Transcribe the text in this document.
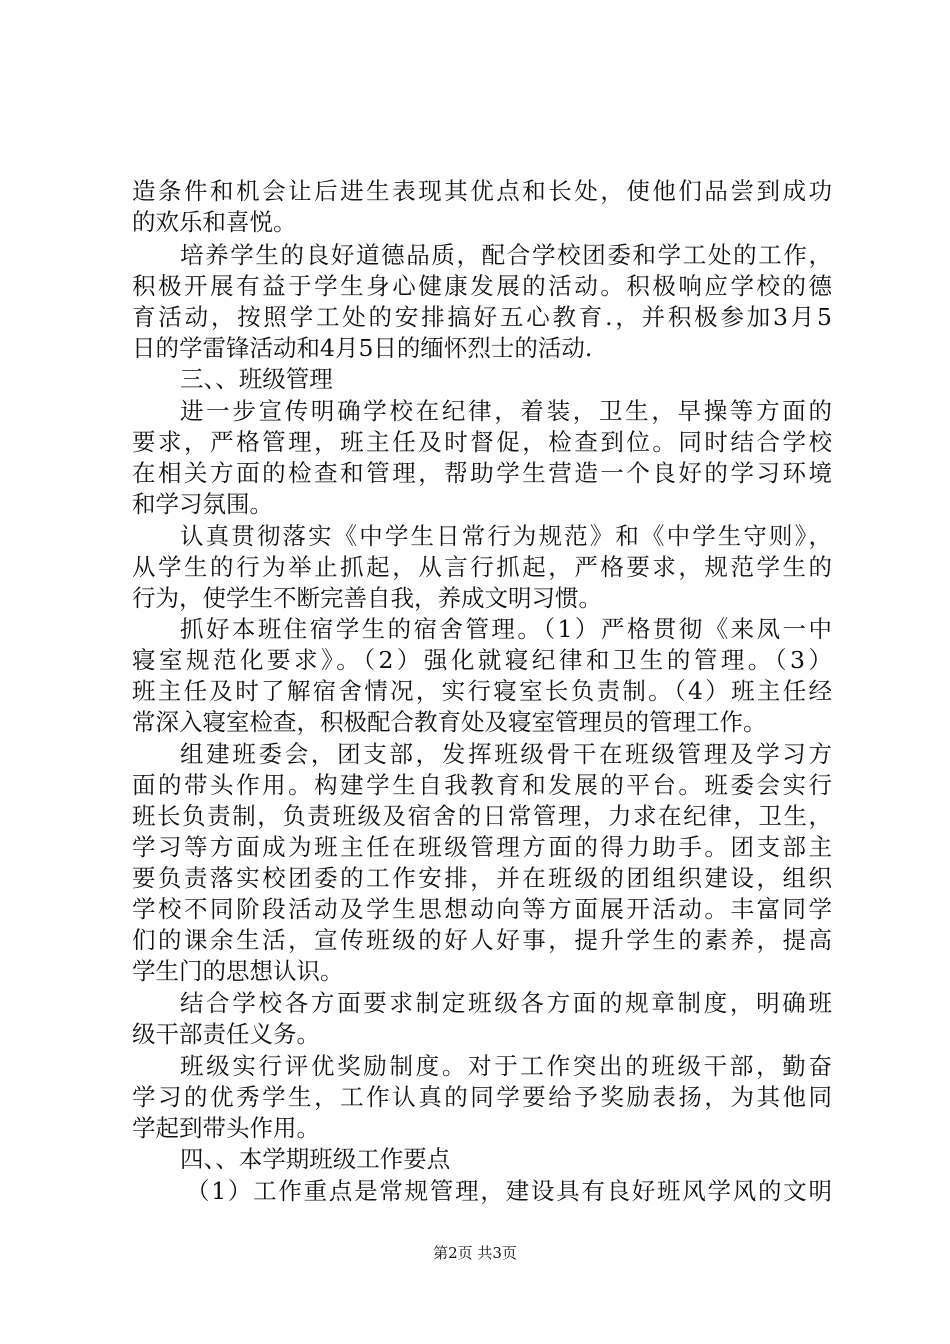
造条件和机会让后进生表现其优点和长处，使他们品尝到成功
的欢乐和喜悦。
培养学生的良好道德品质，配合学校团委和学工处的工作，
积极开展有益于学生身心健康发展的活动。积极响应学校的德
育活动，按照学工处的安排搞好五心教育.，并积极参加3月5
日的学雷锋活动和4月5日的缅怀烈士的活动.
三、、班级管理
进一步宣传明确学校在纪律，着装，卫生，早操等方面的
要求，严格管理，班主任及时督促，检查到位。同时结合学校
在相关方面的检查和管理，帮助学生营造一个良好的学习环境
和学习氛围。
认真贯彻落实《中学生日常行为规范》和《中学生守则》，
从学生的行为举止抓起，从言行抓起，严格要求，规范学生的
行为，使学生不断完善自我，养成文明习惯。
抓好本班住宿学生的宿舍管理。（1）严格贯彻《来凤一中
寝室规范化要求》。（2）强化就寝纪律和卫生的管理。（3）
班主任及时了解宿舍情况，实行寝室长负责制。（4）班主任经
常深入寝室检查，积极配合教育处及寝室管理员的管理工作。
组建班委会，团支部，发挥班级骨干在班级管理及学习方
面的带头作用。构建学生自我教育和发展的平台。班委会实行
班长负责制，负责班级及宿舍的日常管理，力求在纪律，卫生，
学习等方面成为班主任在班级管理方面的得力助手。团支部主
要负责落实校团委的工作安排，并在班级的团组织建设，组织
学校不同阶段活动及学生思想动向等方面展开活动。丰富同学
们的课余生活，宣传班级的好人好事，提升学生的素养，提高
学生门的思想认识。
结合学校各方面要求制定班级各方面的规章制度，明确班
级干部责任义务。
班级实行评优奖励制度。对于工作突出的班级干部，勤奋
学习的优秀学生，工作认真的同学要给予奖励表扬，为其他同
学起到带头作用。
四、、本学期班级工作要点
（1）工作重点是常规管理，建设具有良好班风学风的文明
第2页 共3页
